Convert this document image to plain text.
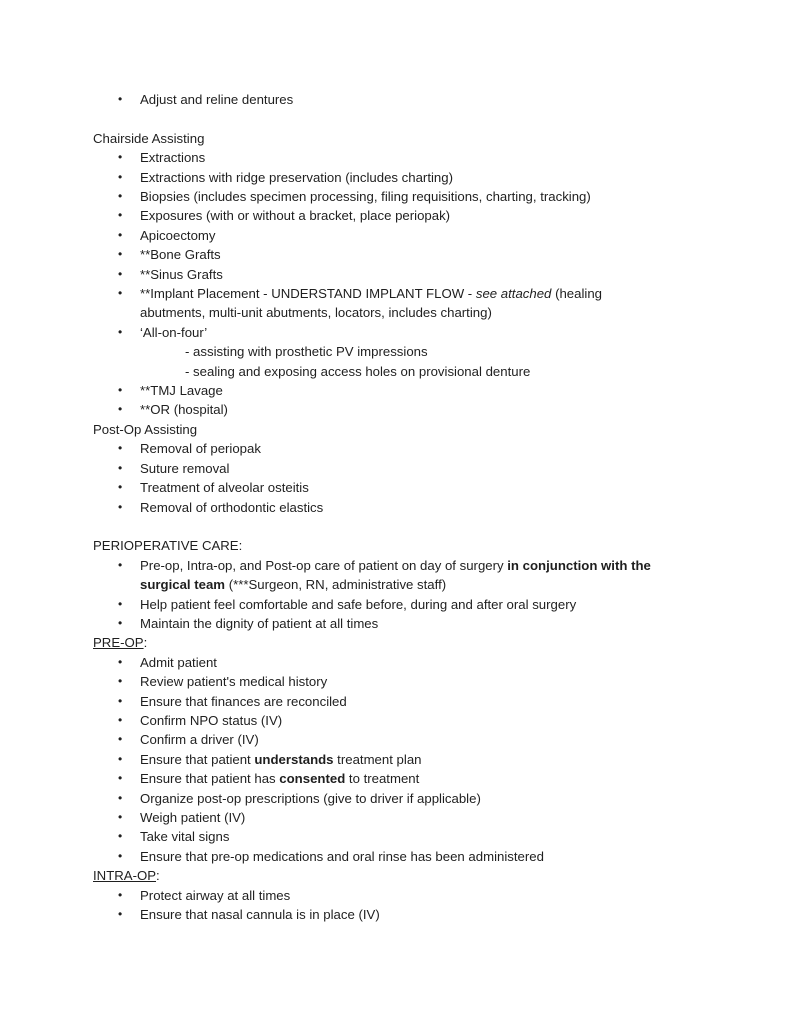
• Adjust and reline dentures
Chairside Assisting
• Extractions
• Extractions with ridge preservation (includes charting)
• Biopsies (includes specimen processing, filing requisitions, charting, tracking)
• Exposures (with or without a bracket, place periopak)
• Apicoectomy
• **Bone Grafts
• **Sinus Grafts
• **Implant Placement - UNDERSTAND IMPLANT FLOW - see attached (healing
abutments, multi-unit abutments, locators, includes charting)
• ‘All-on-four’
- assisting with prosthetic PV impressions
- sealing and exposing access holes on provisional denture
• **TMJ Lavage
• **OR (hospital)
Post-Op Assisting
• Removal of periopak
• Suture removal
• Treatment of alveolar osteitis
• Removal of orthodontic elastics
PERIOPERATIVE CARE:
• Pre-op, Intra-op, and Post-op care of patient on day of surgery in conjunction with the
surgical team (***Surgeon, RN, administrative staff)
• Help patient feel comfortable and safe before, during and after oral surgery
• Maintain the dignity of patient at all times
PRE-OP:
• Admit patient
• Review patient's medical history
• Ensure that finances are reconciled
• Confirm NPO status (IV)
• Confirm a driver (IV)
• Ensure that patient understands treatment plan
• Ensure that patient has consented to treatment
• Organize post-op prescriptions (give to driver if applicable)
• Weigh patient (IV)
• Take vital signs
• Ensure that pre-op medications and oral rinse has been administered
INTRA-OP:
• Protect airway at all times
• Ensure that nasal cannula is in place (IV)
